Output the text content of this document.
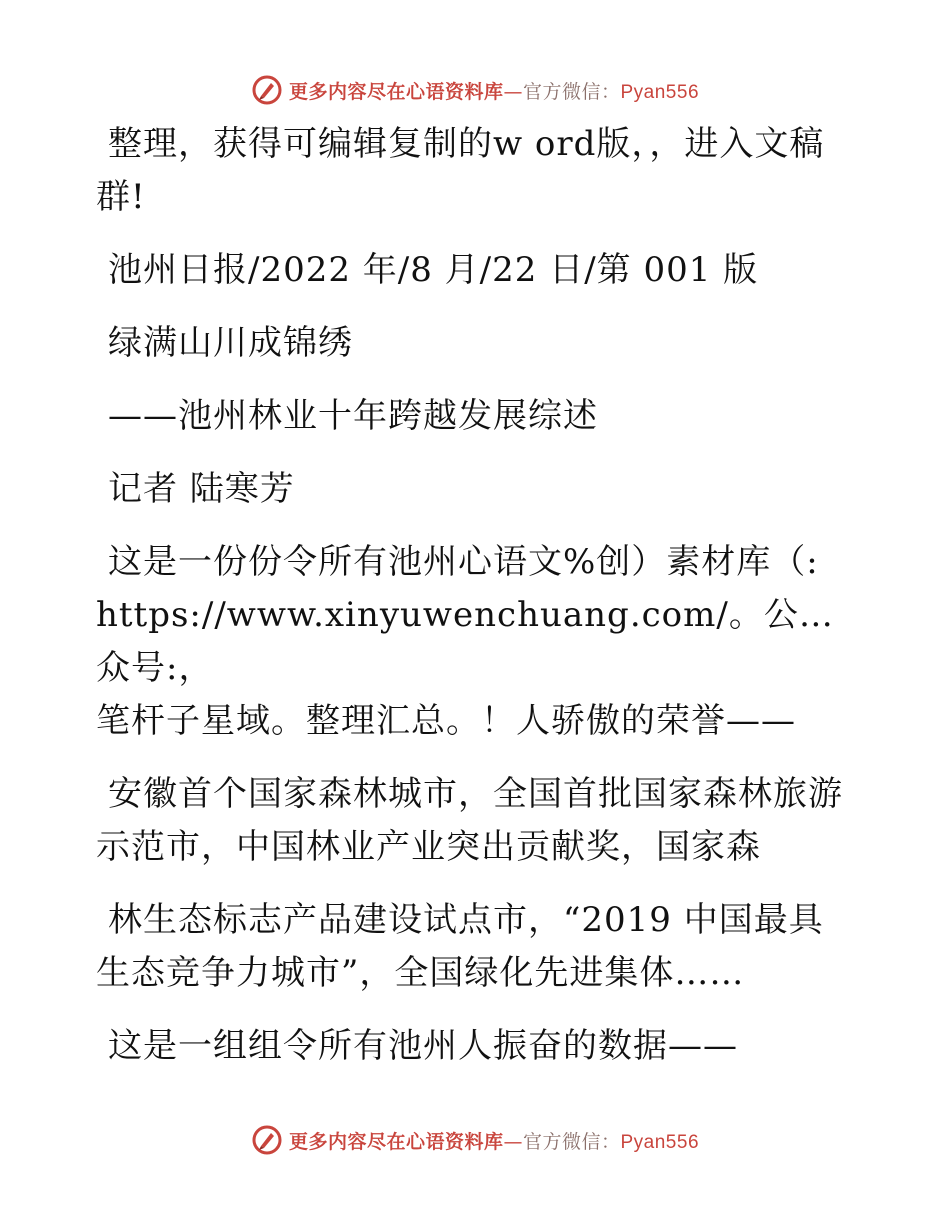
更多内容尽在心语资料库—官方微信：Pyan556

整理，获得可编辑复制的w ord版，，进入文稿
群!

池州日报/2022 年/8 月/22 日/第 001 版

绿满山川成锦绣

——池州林业十年跨越发展综述

记者 陆寒芳

这是一份份令所有池州心语文%创）素材库（:
https://www.xinyuwenchuang.com/。公…众号:，
笔杆子星域。整理汇总。！人骄傲的荣誉——

安徽首个国家森林城市，全国首批国家森林旅游
示范市，中国林业产业突出贡献奖，国家森

林生态标志产品建设试点市，“2019 中国最具
生态竞争力城市”，全国绿化先进集体……

这是一组组令所有池州人振奋的数据——

更多内容尽在心语资料库—官方微信：Pyan556
